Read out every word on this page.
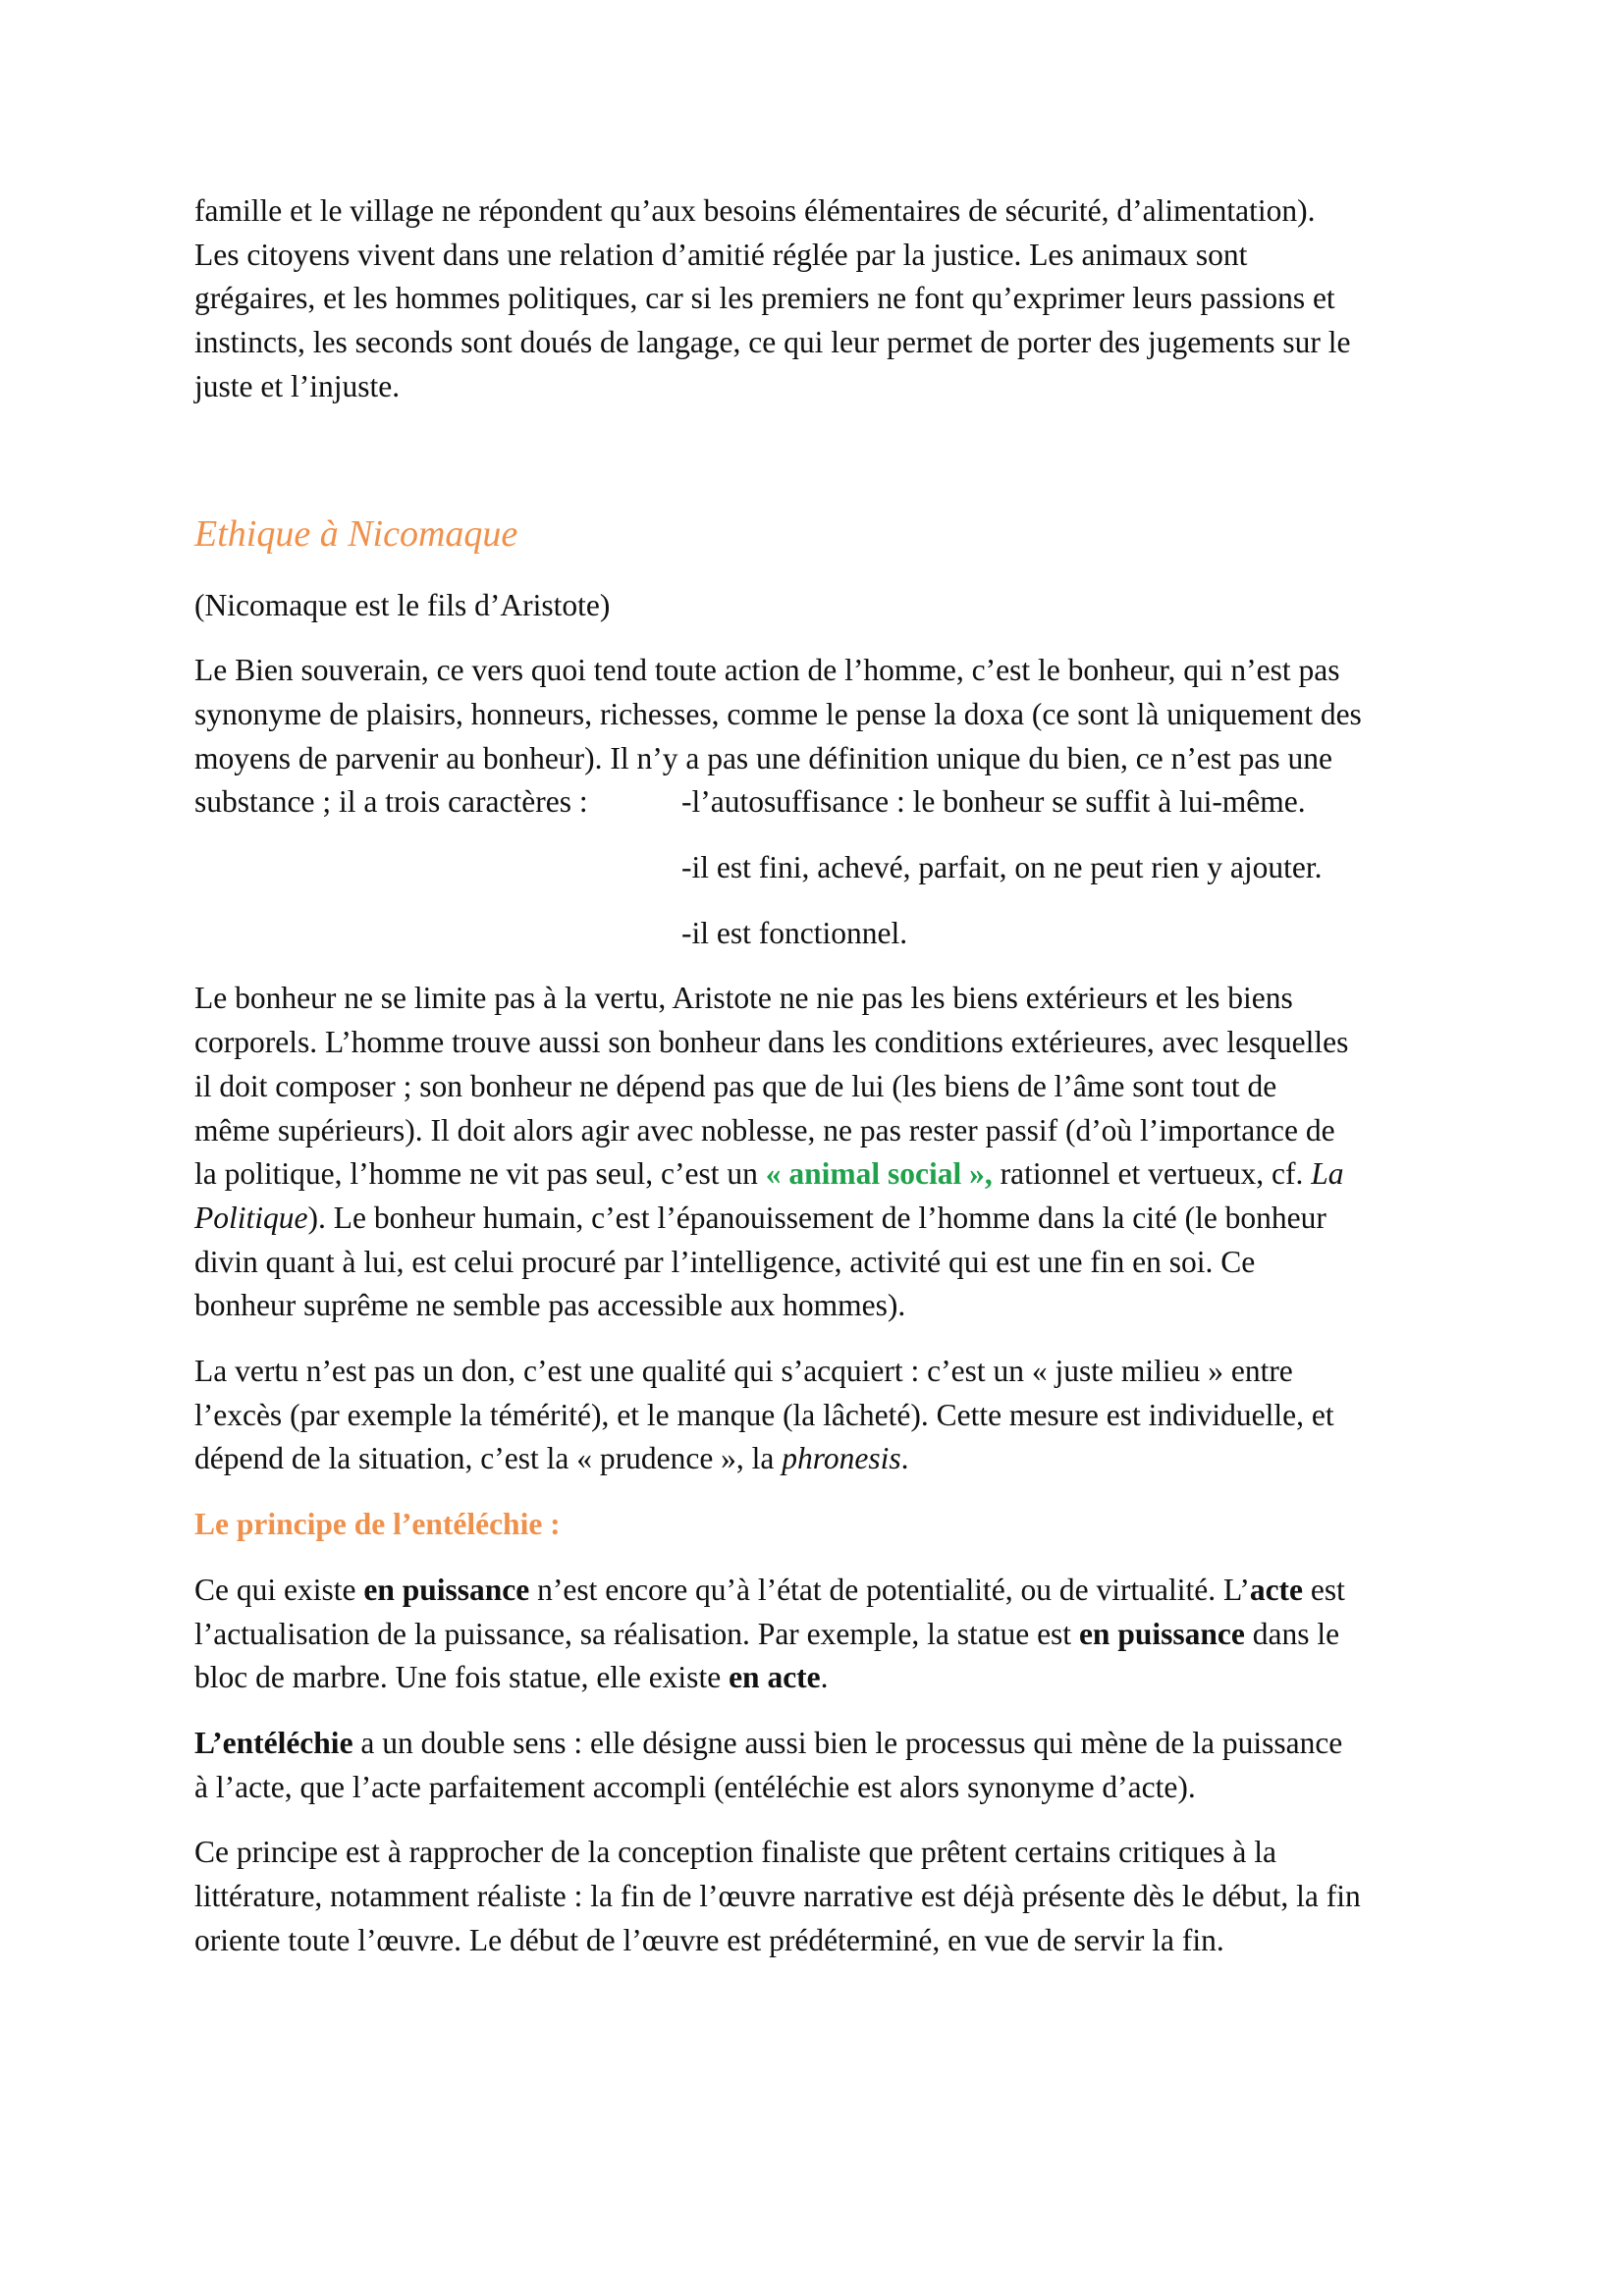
famille et le village ne répondent qu’aux besoins élémentaires de sécurité, d’alimentation).
Les citoyens vivent dans une relation d’amitié réglée par la justice. Les animaux sont
grégaires, et les hommes politiques, car si les premiers ne font qu’exprimer leurs passions et
instincts, les seconds sont doués de langage, ce qui leur permet de porter des jugements sur le
juste et l’injuste.

Ethique à Nicomaque

(Nicomaque est le fils d’Aristote)

Le Bien souverain, ce vers quoi tend toute action de l’homme, c’est le bonheur, qui n’est pas
synonyme de plaisirs, honneurs, richesses, comme le pense la doxa (ce sont là uniquement des
moyens de parvenir au bonheur). Il n’y a pas une définition unique du bien, ce n’est pas une

substance ; il a trois caractères :	-l’autosuffisance : le bonheur se suffit à lui-même.

-il est fini, achevé, parfait, on ne peut rien y ajouter.

-il est fonctionnel.

Le bonheur ne se limite pas à la vertu, Aristote ne nie pas les biens extérieurs et les biens
corporels. L’homme trouve aussi son bonheur dans les conditions extérieures, avec lesquelles
il doit composer ; son bonheur ne dépend pas que de lui (les biens de l’âme sont tout de
même supérieurs). Il doit alors agir avec noblesse, ne pas rester passif (d’où l’importance de
la politique, l’homme ne vit pas seul, c’est un « animal social », rationnel et vertueux, cf. La
Politique). Le bonheur humain, c’est l’épanouissement de l’homme dans la cité (le bonheur
divin quant à lui, est celui procuré par l’intelligence, activité qui est une fin en soi. Ce
bonheur suprême ne semble pas accessible aux hommes).

La vertu n’est pas un don, c’est une qualité qui s’acquiert : c’est un « juste milieu » entre
l’excès (par exemple la témérité), et le manque (la lâcheté). Cette mesure est individuelle, et
dépend de la situation, c’est la « prudence », la phronesis.

Le principe de l’entéléchie :

Ce qui existe en puissance n’est encore qu’à l’état de potentialité, ou de virtualité. L’acte est
l’actualisation de la puissance, sa réalisation. Par exemple, la statue est en puissance dans le
bloc de marbre. Une fois statue, elle existe en acte.

L’entéléchie a un double sens : elle désigne aussi bien le processus qui mène de la puissance
à l’acte, que l’acte parfaitement accompli (entéléchie est alors synonyme d’acte).

Ce principe est à rapprocher de la conception finaliste que prêtent certains critiques à la
littérature, notamment réaliste : la fin de l’œuvre narrative est déjà présente dès le début, la fin
oriente toute l’œuvre. Le début de l’œuvre est prédéterminé, en vue de servir la fin.
